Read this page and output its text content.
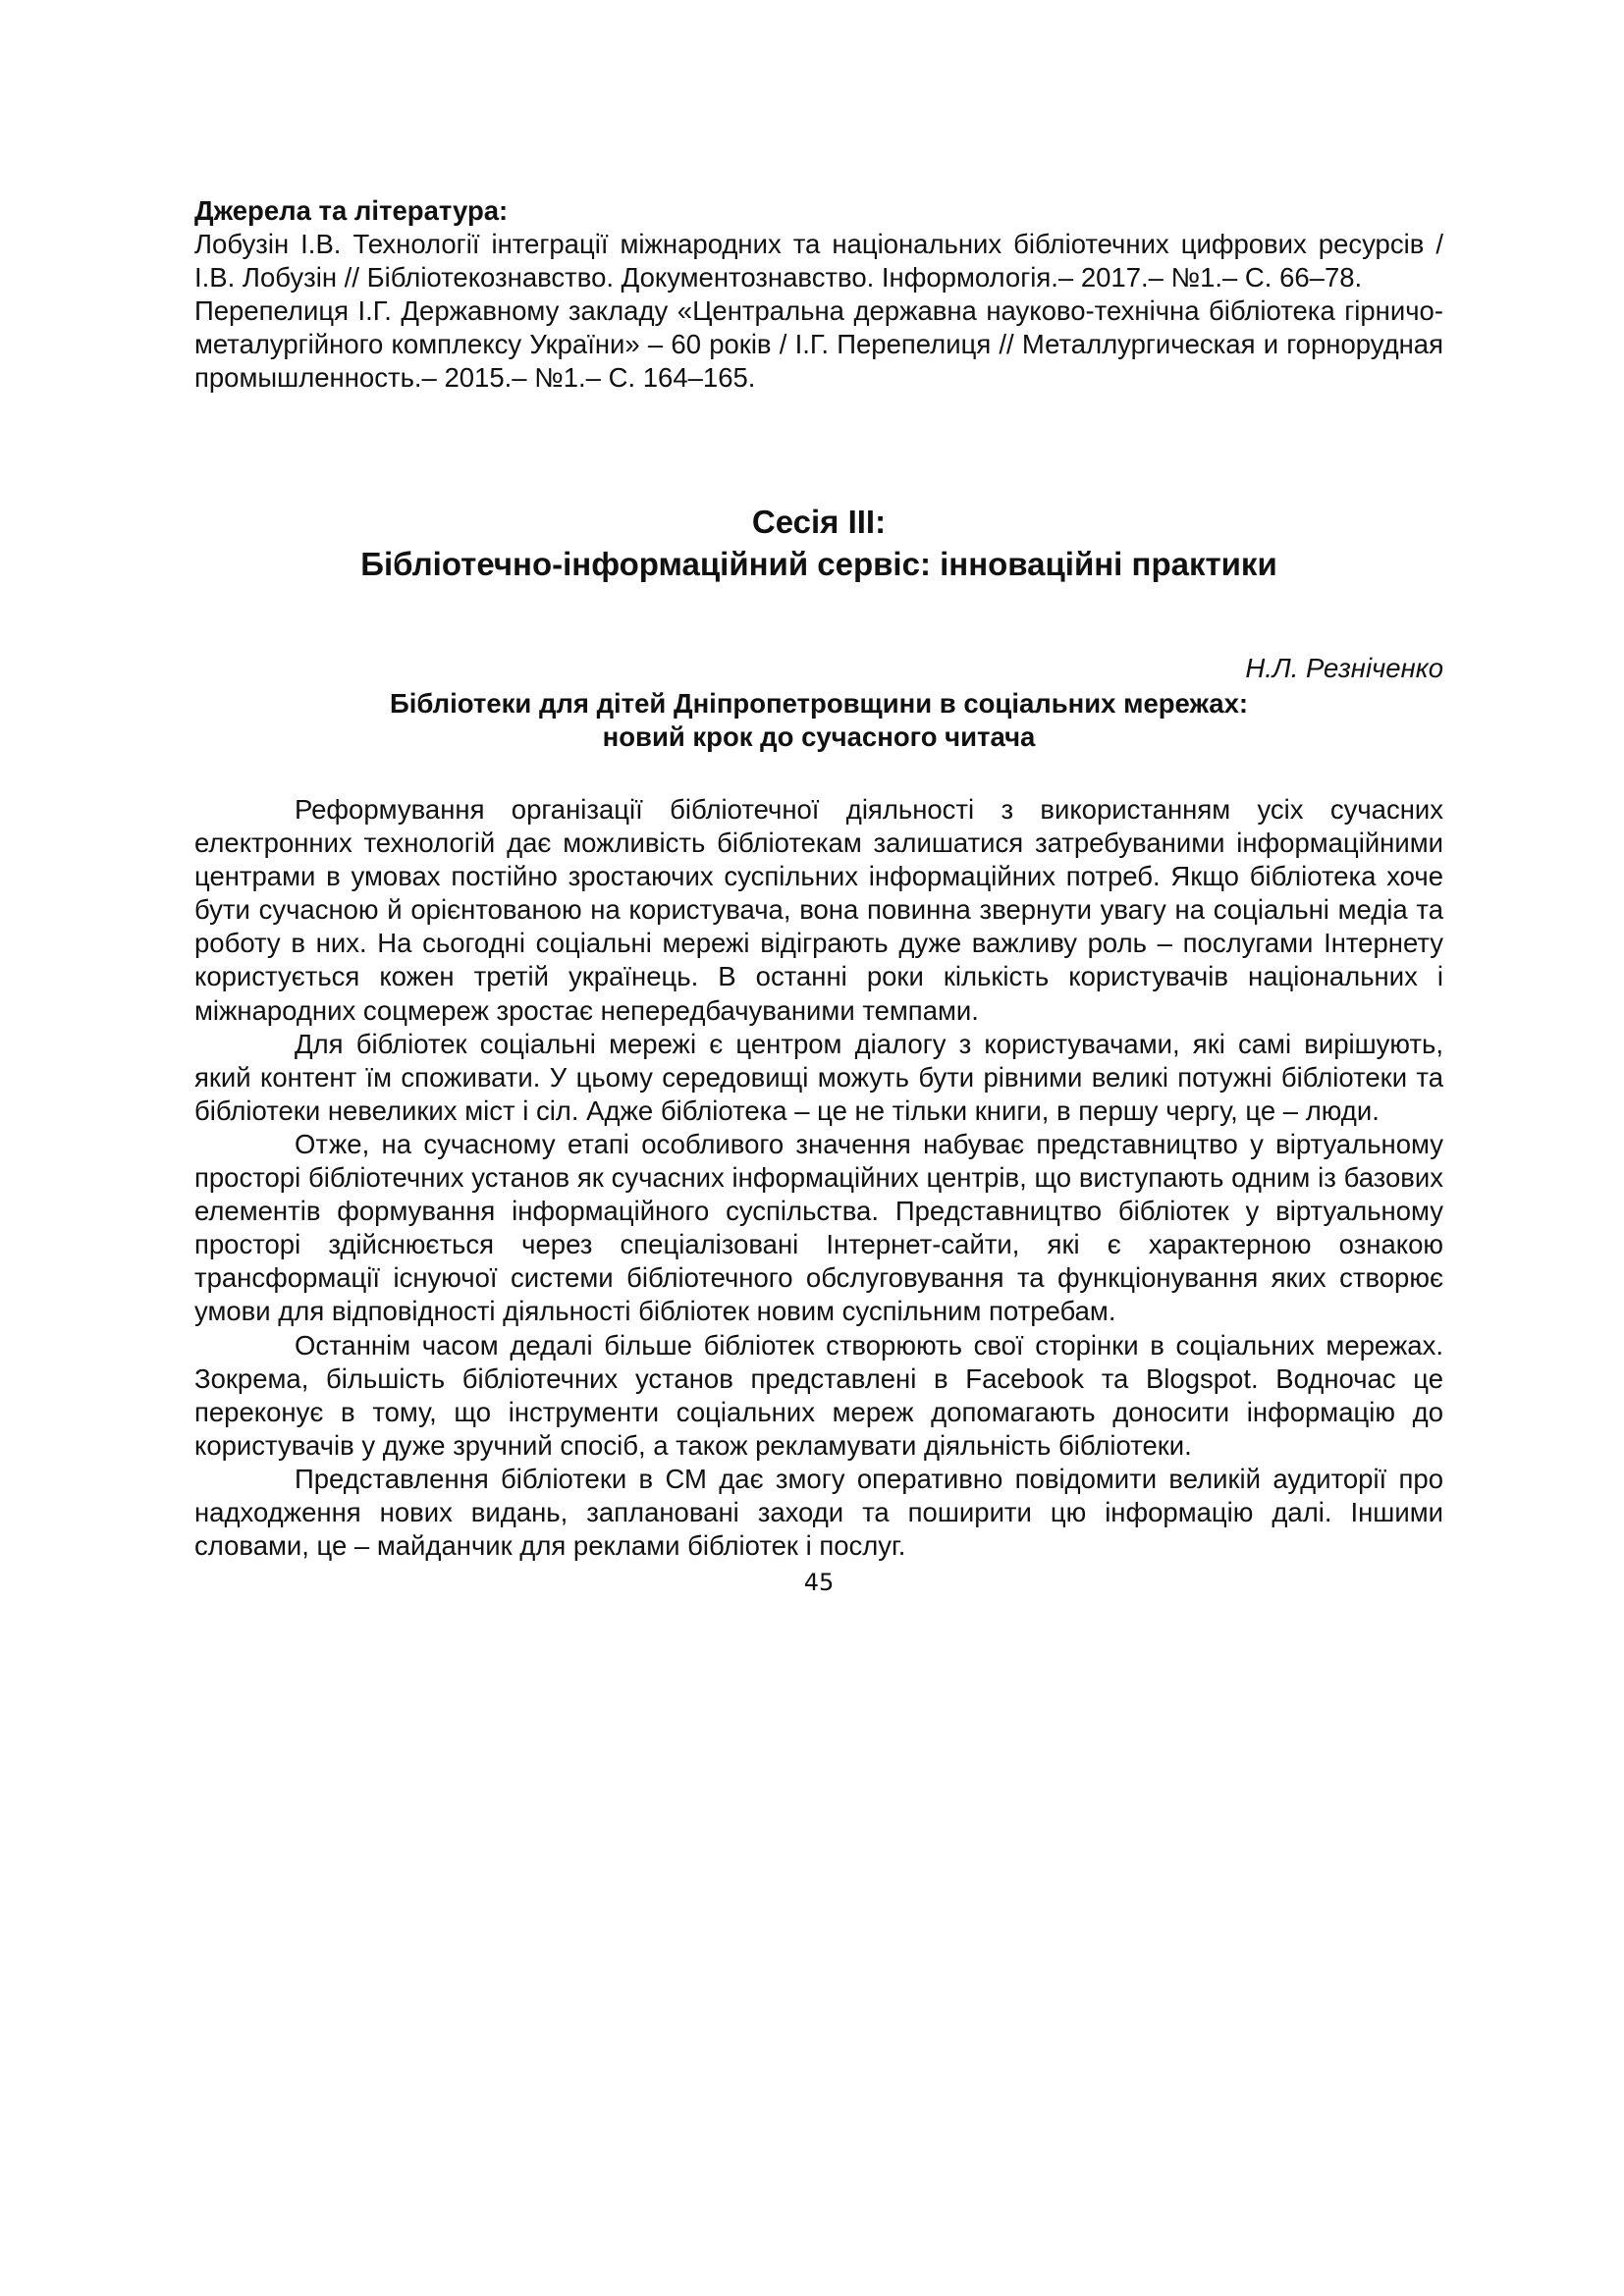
Джерела та література:

Лобузін І.В. Технології інтеграції міжнародних та національних бібліотечних цифрових ресурсів / І.В. Лобузін // Бібліотекознавство. Документознавство. Інформологія.– 2017.– №1.– С. 66–78.

Перепелиця І.Г. Державному закладу «Центральна державна науково-технічна бібліотека гірничо-металургійного комплексу України» – 60 років / І.Г. Перепелиця // Металлургическая и горнорудная промышленность.– 2015.– №1.– С. 164–165.

Сесія ІІІ:
Бібліотечно-інформаційний сервіс: інноваційні практики
Н.Л. Резніченко
Бібліотеки для дітей Дніпропетровщини в соціальних мережах:
новий крок до сучасного читача

Реформування організації бібліотечної діяльності з використанням усіх сучасних електронних технологій дає можливість бібліотекам залишатися затребуваними інформаційними центрами в умовах постійно зростаючих суспільних інформаційних потреб. Якщо бібліотека хоче бути сучасною й орієнтованою на користувача, вона повинна звернути увагу на соціальні медіа та роботу в них. На сьогодні соціальні мережі відіграють дуже важливу роль – послугами Інтернету користується кожен третій українець. В останні роки кількість користувачів національних і міжнародних соцмереж зростає непередбачуваними темпами.

Для бібліотек соціальні мережі є центром діалогу з користувачами, які самі вирішують, який контент їм споживати. У цьому середовищі можуть бути рівними великі потужні бібліотеки та бібліотеки невеликих міст і сіл. Адже бібліотека – це не тільки книги, в першу чергу, це – люди.

Отже, на сучасному етапі особливого значення набуває представництво у віртуальному просторі бібліотечних установ як сучасних інформаційних центрів, що виступають одним із базових елементів формування інформаційного суспільства. Представництво бібліотек у віртуальному просторі здійснюється через спеціалізовані Інтернет-сайти, які є характерною ознакою трансформації існуючої системи бібліотечного обслуговування та функціонування яких створює умови для відповідності діяльності бібліотек новим суспільним потребам.

Останнім часом дедалі більше бібліотек створюють свої сторінки в соціальних мережах. Зокрема, більшість бібліотечних установ представлені в Facebook та Blogspot. Водночас це переконує в тому, що інструменти соціальних мереж допомагають доносити інформацію до користувачів у дуже зручний спосіб, а також рекламувати діяльність бібліотеки.

Представлення бібліотеки в СМ дає змогу оперативно повідомити великій аудиторії про надходження нових видань, заплановані заходи та поширити цю інформацію далі. Іншими словами, це – майданчик для реклами бібліотек і послуг.

45
